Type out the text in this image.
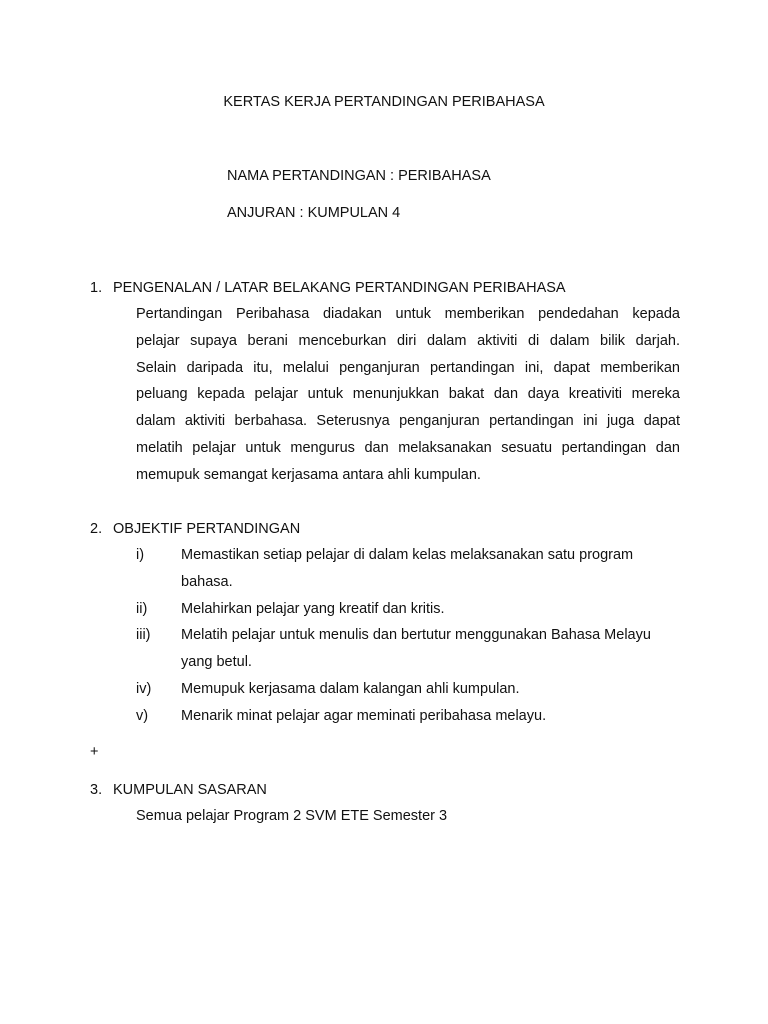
KERTAS KERJA PERTANDINGAN PERIBAHASA
NAMA PERTANDINGAN : PERIBAHASA
ANJURAN : KUMPULAN 4
1. PENGENALAN / LATAR BELAKANG PERTANDINGAN PERIBAHASA
Pertandingan Peribahasa diadakan untuk memberikan pendedahan kepada
pelajar supaya berani menceburkan diri dalam aktiviti di dalam bilik darjah.
Selain daripada itu, melalui penganjuran pertandingan ini, dapat memberikan
peluang kepada pelajar untuk menunjukkan bakat dan daya kreativiti mereka
dalam aktiviti berbahasa. Seterusnya penganjuran pertandingan ini juga dapat
melatih pelajar untuk mengurus dan melaksanakan sesuatu pertandingan dan
memupuk semangat kerjasama antara ahli kumpulan.
2. OBJEKTIF PERTANDINGAN
i)	Memastikan setiap pelajar di dalam kelas melaksanakan satu program
bahasa.
ii) Melahirkan pelajar yang kreatif dan kritis.
iii) Melatih pelajar untuk menulis dan bertutur menggunakan Bahasa Melayu
yang betul.
iv) Memupuk kerjasama dalam kalangan ahli kumpulan.
v) Menarik minat pelajar agar meminati peribahasa melayu.
+
3. KUMPULAN SASARAN
Semua pelajar Program 2 SVM ETE Semester 3
